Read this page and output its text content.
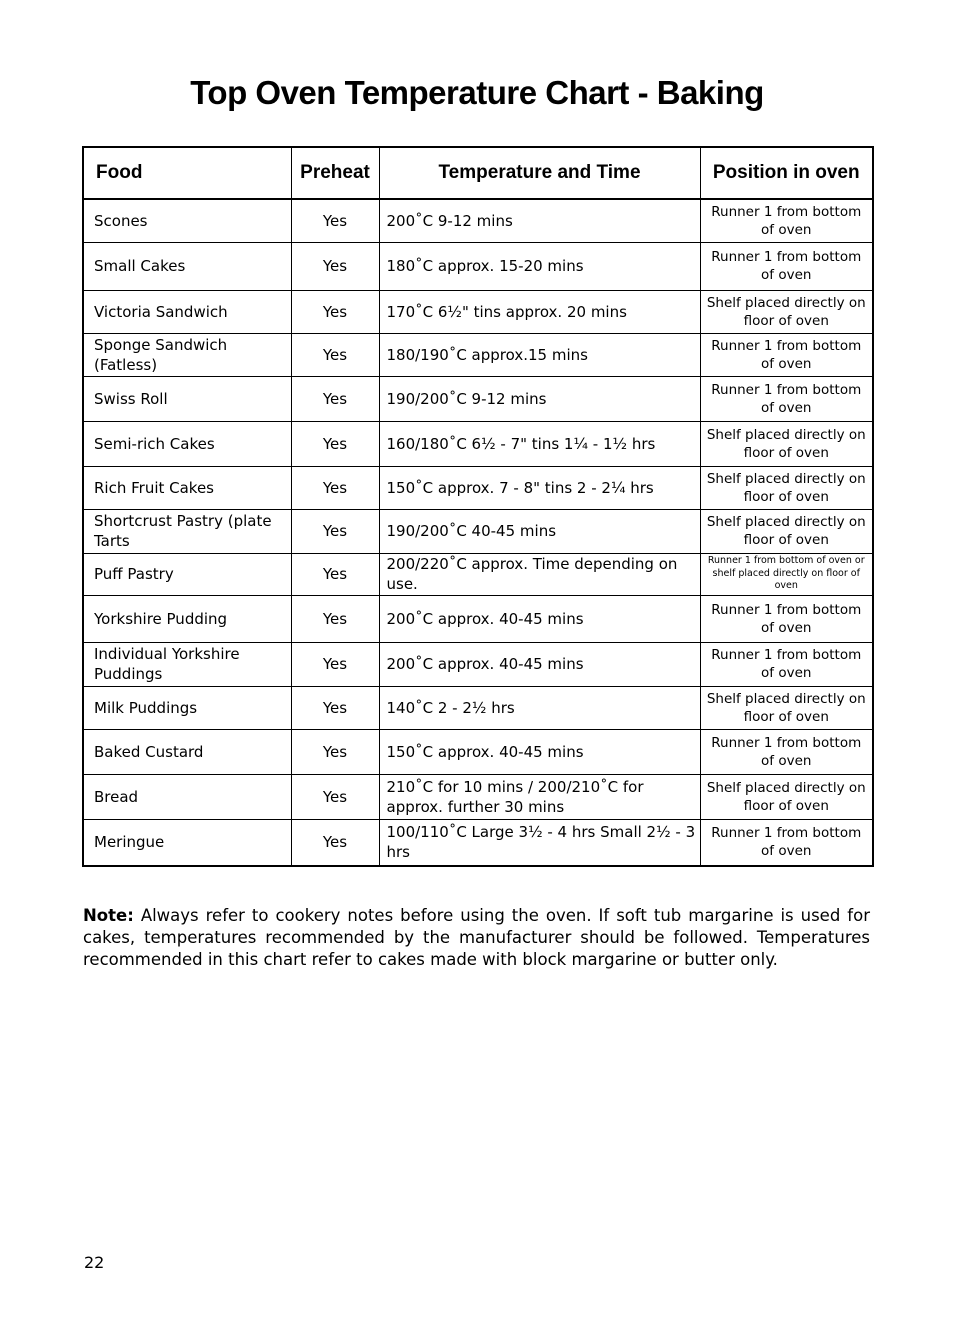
Top Oven Temperature Chart - Baking
Food	Preheat	Temperature and Time	Position in oven
Scones	Yes	200˚C 9-12 mins	Runner 1 from bottom of oven
Small Cakes	Yes	180˚C approx. 15-20 mins	Runner 1 from bottom of oven
Victoria Sandwich	Yes	170˚C 6½" tins approx. 20 mins	Shelf placed directly on floor of oven
Sponge Sandwich (Fatless)	Yes	180/190˚C approx.15 mins	Runner 1 from bottom of oven
Swiss Roll	Yes	190/200˚C 9-12 mins	Runner 1 from bottom of oven
Semi-rich Cakes	Yes	160/180˚C 6½ - 7" tins 1¼ - 1½ hrs	Shelf placed directly on floor of oven
Rich Fruit Cakes	Yes	150˚C approx. 7 - 8" tins 2 - 2¼ hrs	Shelf placed directly on floor of oven
Shortcrust Pastry (plate Tarts	Yes	190/200˚C 40-45 mins	Shelf placed directly on floor of oven
Puff Pastry	Yes	200/220˚C approx. Time depending on use.	Runner 1 from bottom of oven or shelf placed directly on floor of oven
Yorkshire Pudding	Yes	200˚C approx. 40-45 mins	Runner 1 from bottom of oven
Individual Yorkshire Puddings	Yes	200˚C approx. 40-45 mins	Runner 1 from bottom of oven
Milk Puddings	Yes	140˚C 2 - 2½ hrs	Shelf placed directly on floor of oven
Baked Custard	Yes	150˚C approx. 40-45 mins	Runner 1 from bottom of oven
Bread	Yes	210˚C for 10 mins / 200/210˚C for approx. further 30 mins	Shelf placed directly on floor of oven
Meringue	Yes	100/110˚C Large 3½ - 4 hrs Small 2½ - 3 hrs	Runner 1 from bottom of oven
Note: Always refer to cookery notes before using the oven. If soft tub margarine is used for cakes, temperatures recommended by the manufacturer should be followed. Temperatures recommended in this chart refer to cakes made with block margarine or butter only.
22
